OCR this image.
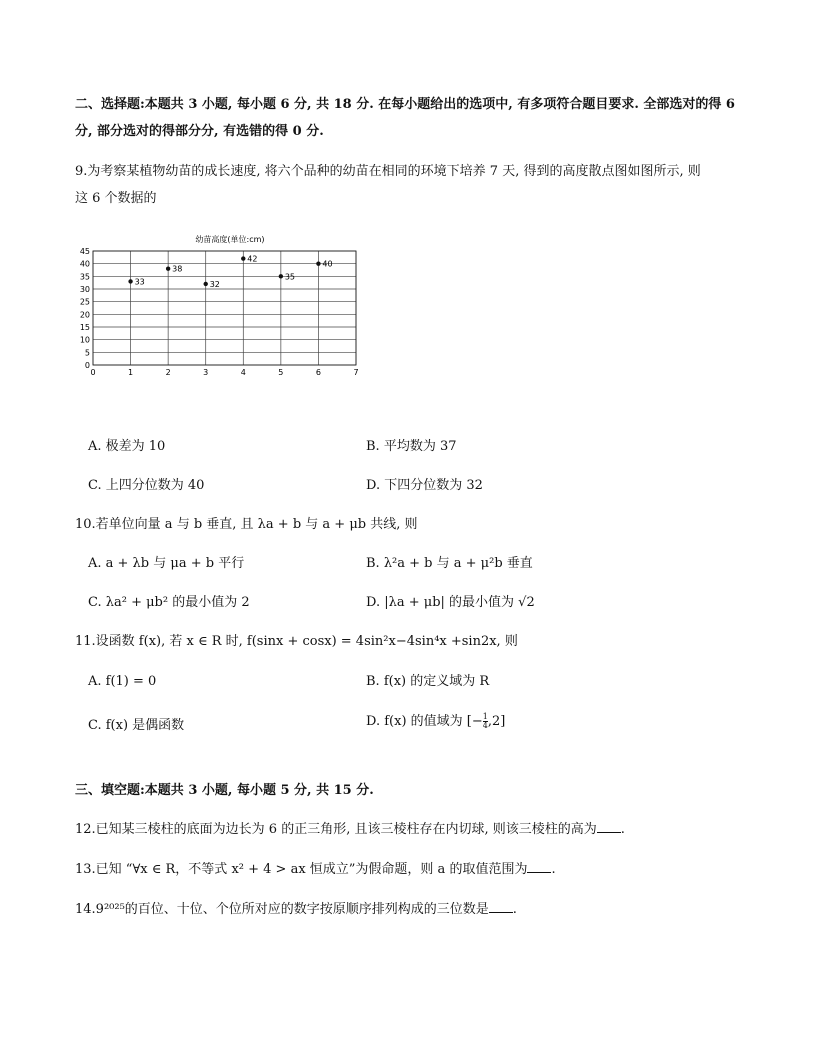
二、选择题:本题共 3 小题, 每小题 6 分, 共 18 分. 在每小题给出的选项中, 有多项符合题目要求. 全部选对的得 6
分, 部分选对的得部分分, 有选错的得 0 分.
9.为考察某植物幼苗的成长速度, 将六个品种的幼苗在相同的环境下培养 7 天, 得到的高度散点图如图所示, 则
这 6 个数据的
幼苗高度(单位:cm)
0
5
10
15
20
25
30
35
40
45
0	1	2	3	4	5	6	7
33
38
32
42
35
40
A. 极差为 10	B. 平均数为 37
C. 上四分位数为 40	D. 下四分位数为 32
10.若单位向量 a 与 b 垂直, 且 λa + b 与 a + μb 共线, 则
A. a + λb 与 μa + b 平行	B. λ²a + b 与 a + μ²b 垂直
C. λa² + μb² 的最小值为 2	D. |λa + μb| 的最小值为 √2
11.设函数 f(x), 若 x ∈ R 时, f(sinx + cosx) = 4sin²x−4sin⁴x +sin2x, 则
A. f(1) = 0	B. f(x) 的定义域为 R
C. f(x) 是偶函数	D. f(x) 的值域为 [− $\frac{1}{4} ,2$]
三、填空题:本题共 3 小题, 每小题 5 分, 共 15 分.
12.已知某三棱柱的底面为边长为 6 的正三角形, 且该三棱柱存在内切球, 则该三棱柱的高为 .
13.已知 “∀x ∈ R，不等式 x² + 4 > ax 恒成立”为假命题，则 a 的取值范围为 .
14.9²⁰²⁵的百位、十位、个位所对应的数字按原顺序排列构成的三位数是 .
